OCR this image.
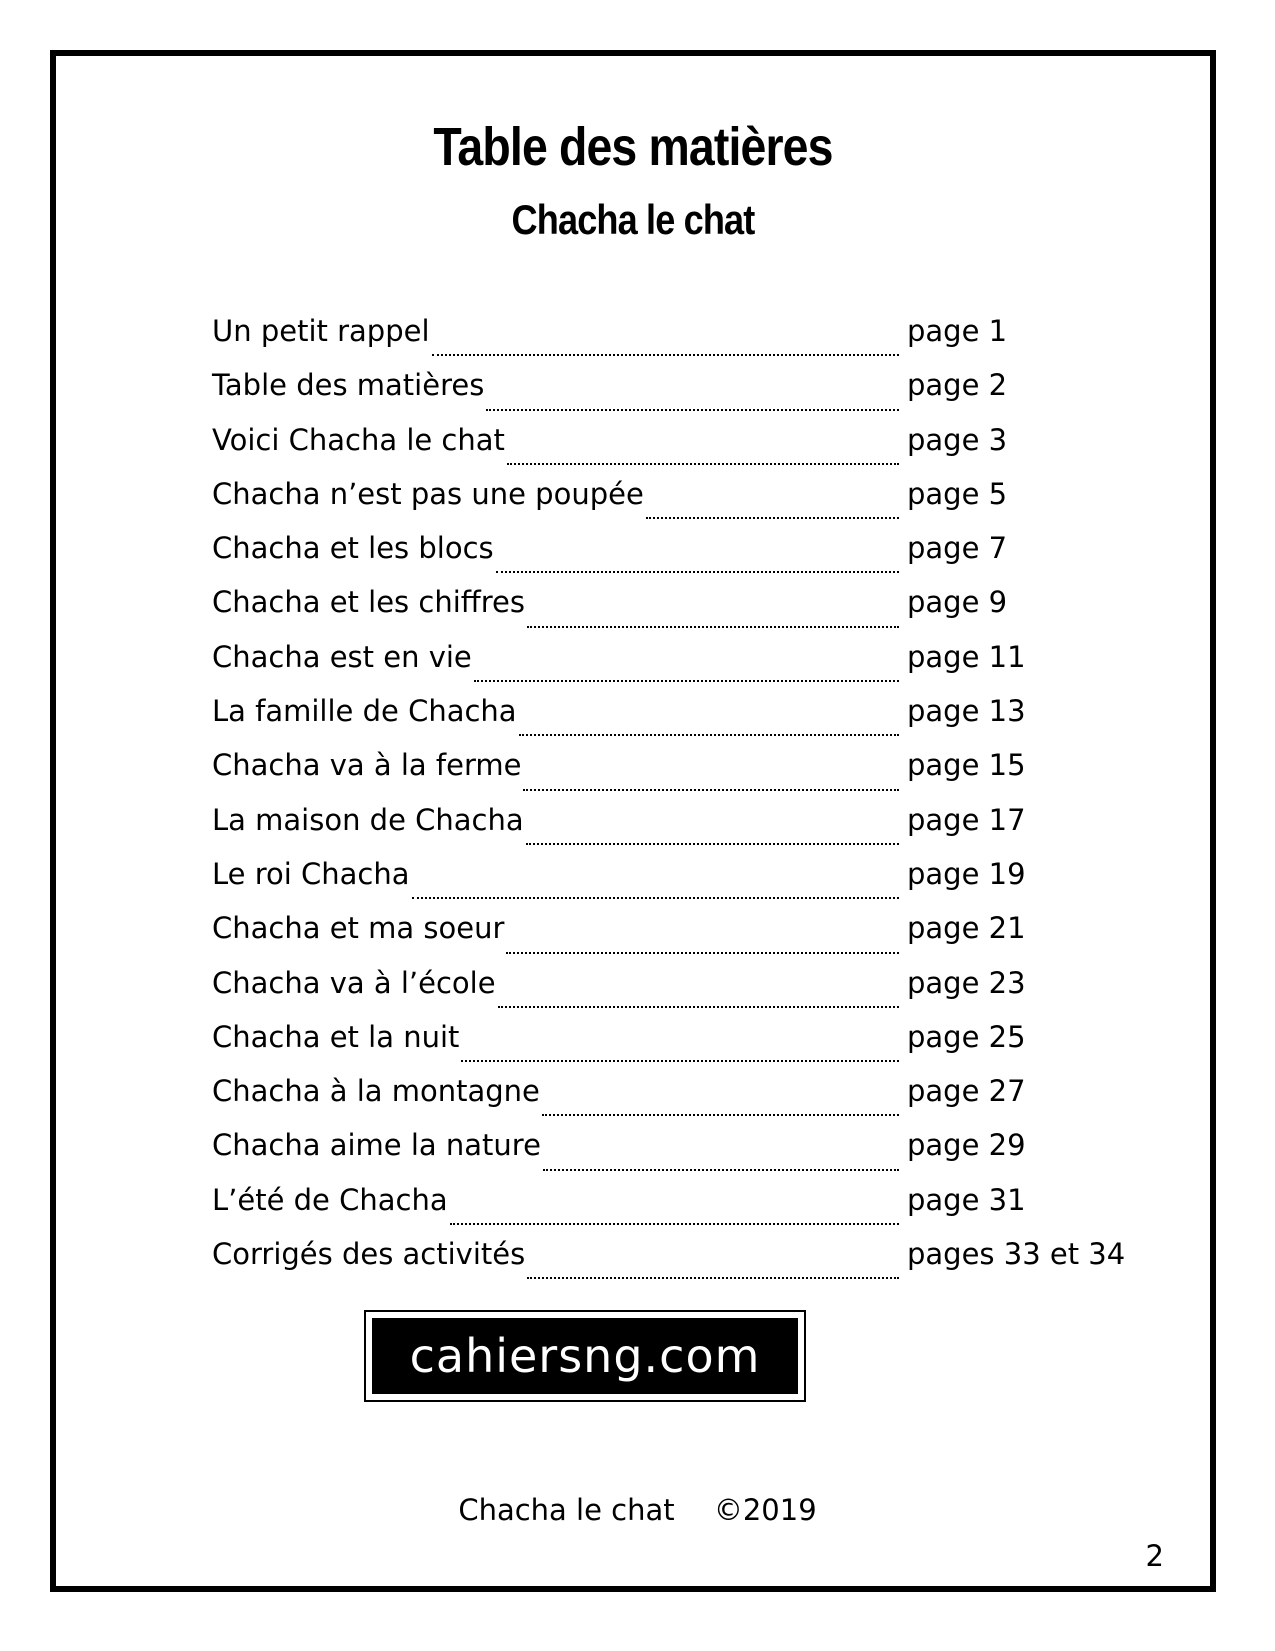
Table des matières
Chacha le chat
Un petit rappel	page 1
Table des matières	page 2
Voici Chacha le chat	page 3
Chacha n’est pas une poupée	page 5
Chacha et les blocs	page 7
Chacha et les chiffres	page 9
Chacha est en vie	page 11
La famille de Chacha	page 13
Chacha va à la ferme	page 15
La maison de Chacha	page 17
Le roi Chacha	page 19
Chacha et ma soeur	page 21
Chacha va à l’école	page 23
Chacha et la nuit	page 25
Chacha à la montagne	page 27
Chacha aime la nature	page 29
L’été de Chacha	page 31
Corrigés des activités	pages 33 et 34
2
cahiersng.com
Chacha le chat ©2019
